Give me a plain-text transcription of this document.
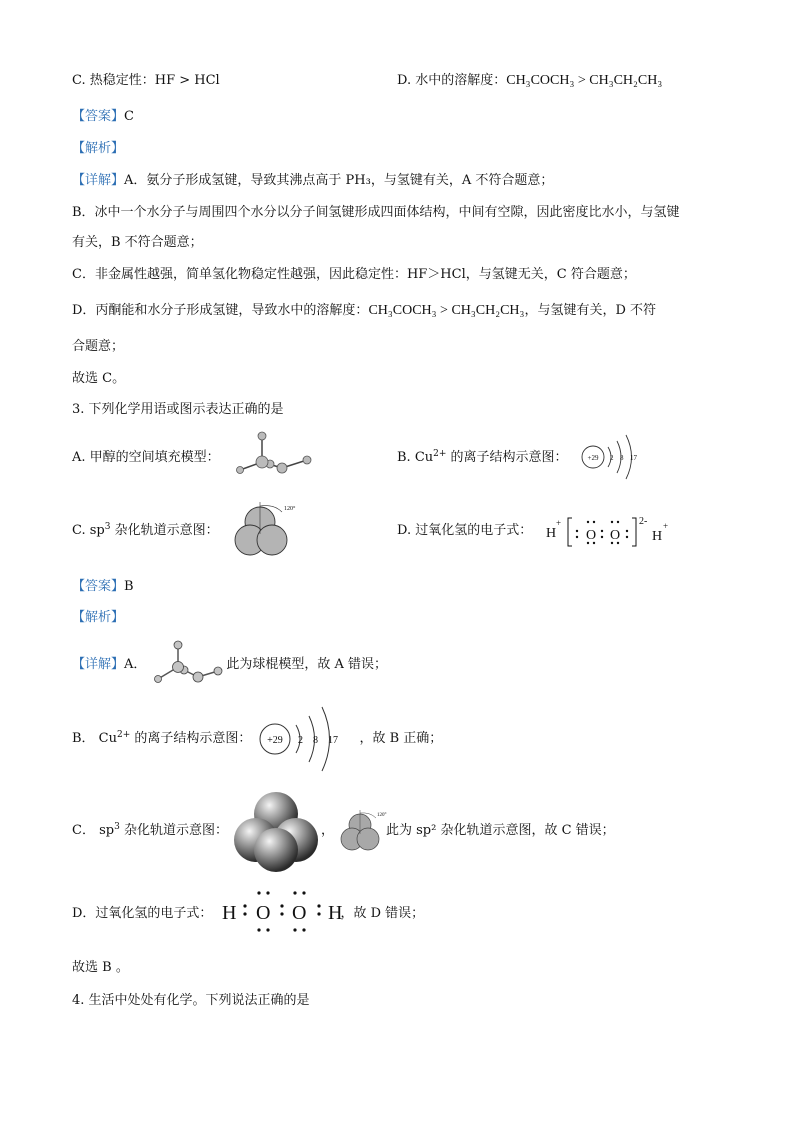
C. 热稳定性：HF > HCl	D. 水中的溶解度：CH₃COCH₃ > CH₃CH₂CH₃
【答案】C
【解析】
【详解】A．氨分子形成氢键，导致其沸点高于 PH₃，与氢键有关，A 不符合题意；
B．冰中一个水分子与周围四个水分以分子间氢键形成四面体结构，中间有空隙，因此密度比水小，与氢键
有关，B 不符合题意；
C．非金属性越强，简单氢化物稳定性越强，因此稳定性：HF＞HCl，与氢键无关，C 符合题意；
D．丙酮能和水分子形成氢键，导致水中的溶解度：CH₃COCH₃ > CH₃CH₂CH₃，与氢键有关，D 不符
合题意；
故选 C。
3. 下列化学用语或图示表达正确的是
A. 甲醇的空间填充模型：	B. $Cu^{2+}$ 的离子结构示意图：	+29 2 8 17
C. $sp^3$ 杂化轨道示意图：
120°
D. 过氧化氢的电子式： H
+
O O
2-
H
+
【答案】B
【解析】
【详解】A．	此为球棍模型，故 A 错误；
B． $Cu^{2+}$ 的离子结构示意图：	，故 B 正确；
+29 2 8 17
C． $sp^3$ 杂化轨道示意图：	，	此为 sp² 杂化轨道示意图，故 C 错误；
120°
D．过氧化氢的电子式：	，故 D 错误；
H O O H
故选 B 。
4. 生活中处处有化学。下列说法正确的是
